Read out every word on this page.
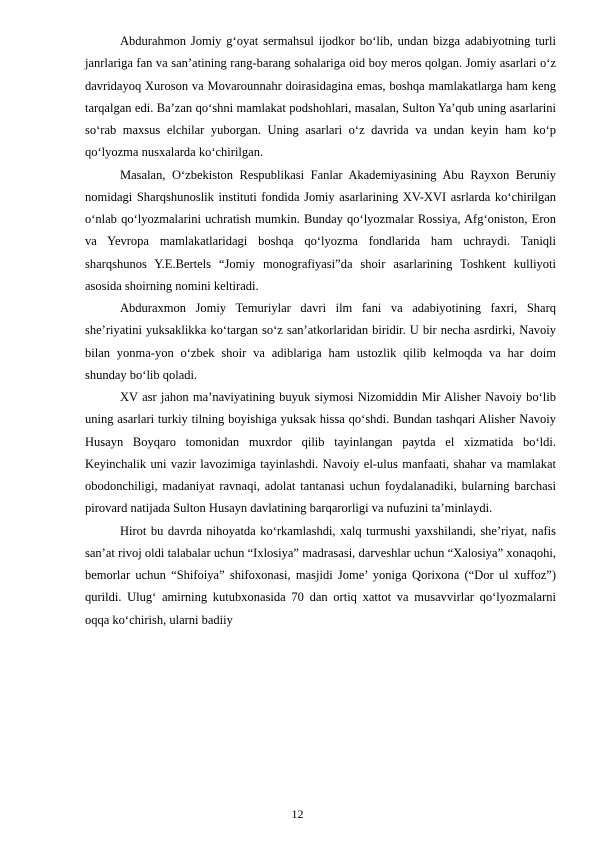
Abdurahmon Jomiy g‘oyat sermahsul ijodkor bo‘lib, undan bizga adabiyotning turli janrlariga fan va san’atining rang-barang sohalariga oid boy meros qolgan. Jomiy asarlari o‘z davridayoq Xuroson va Movarounnahr doirasidagina emas, boshqa mamlakatlarga ham keng tarqalgan edi. Ba’zan qo‘shni mamlakat podshohlari, masalan, Sulton Ya’qub uning asarlarini so‘rab maxsus elchilar yuborgan. Uning asarlari o‘z davrida va undan keyin ham ko‘p qo‘lyozma nusxalarda ko‘chirilgan.

Masalan, O‘zbekiston Respublikasi Fanlar Akademiyasining Abu Rayxon Beruniy nomidagi Sharqshunoslik instituti fondida Jomiy asarlarining XV-XVI asrlarda ko‘chirilgan o‘nlab qo‘lyozmalarini uchratish mumkin. Bunday qo‘lyozmalar Rossiya, Afg‘oniston, Eron va Yevropa mamlakatlaridagi boshqa qo‘lyozma fondlarida ham uchraydi. Taniqli sharqshunos Y.E.Bertels “Jomiy monografiyasi”da shoir asarlarining Toshkent kulliyoti asosida shoirning nomini keltiradi.

Abduraxmon Jomiy Temuriylar davri ilm fani va adabiyotining faxri, Sharq she’riyatini yuksaklikka ko‘targan so‘z san’atkorlaridan biridir. U bir necha asrdirki, Navoiy bilan yonma-yon o‘zbek shoir va adiblariga ham ustozlik qilib kelmoqda va har doim shunday bo‘lib qoladi.

XV asr jahon ma’naviyatining buyuk siymosi Nizomiddin Mir Alisher Navoiy bo‘lib uning asarlari turkiy tilning boyishiga yuksak hissa qo‘shdi. Bundan tashqari Alisher Navoiy Husayn Boyqaro tomonidan muxrdor qilib tayinlangan paytda el xizmatida bo‘ldi. Keyinchalik uni vazir lavozimiga tayinlashdi. Navoiy el-ulus manfaati, shahar va mamlakat obodonchiligi, madaniyat ravnaqi, adolat tantanasi uchun foydalanadiki, bularning barchasi pirovard natijada Sulton Husayn davlatining barqarorligi va nufuzini ta’minlaydi.

Hirot bu davrda nihoyatda ko‘rkamlashdi, xalq turmushi yaxshilandi, she’riyat, nafis san’at rivoj oldi talabalar uchun “Ixlosiya” madrasasi, darveshlar uchun “Xalosiya” xonaqohi, bemorlar uchun “Shifoiya” shifoxonasi, masjidi Jome’ yoniga Qorixona (“Dor ul xuffoz”) qurildi. Ulug‘ amirning kutubxonasida 70 dan ortiq xattot va musavvirlar qo‘lyozmalarni oqqa ko‘chirish, ularni badiiy

12
